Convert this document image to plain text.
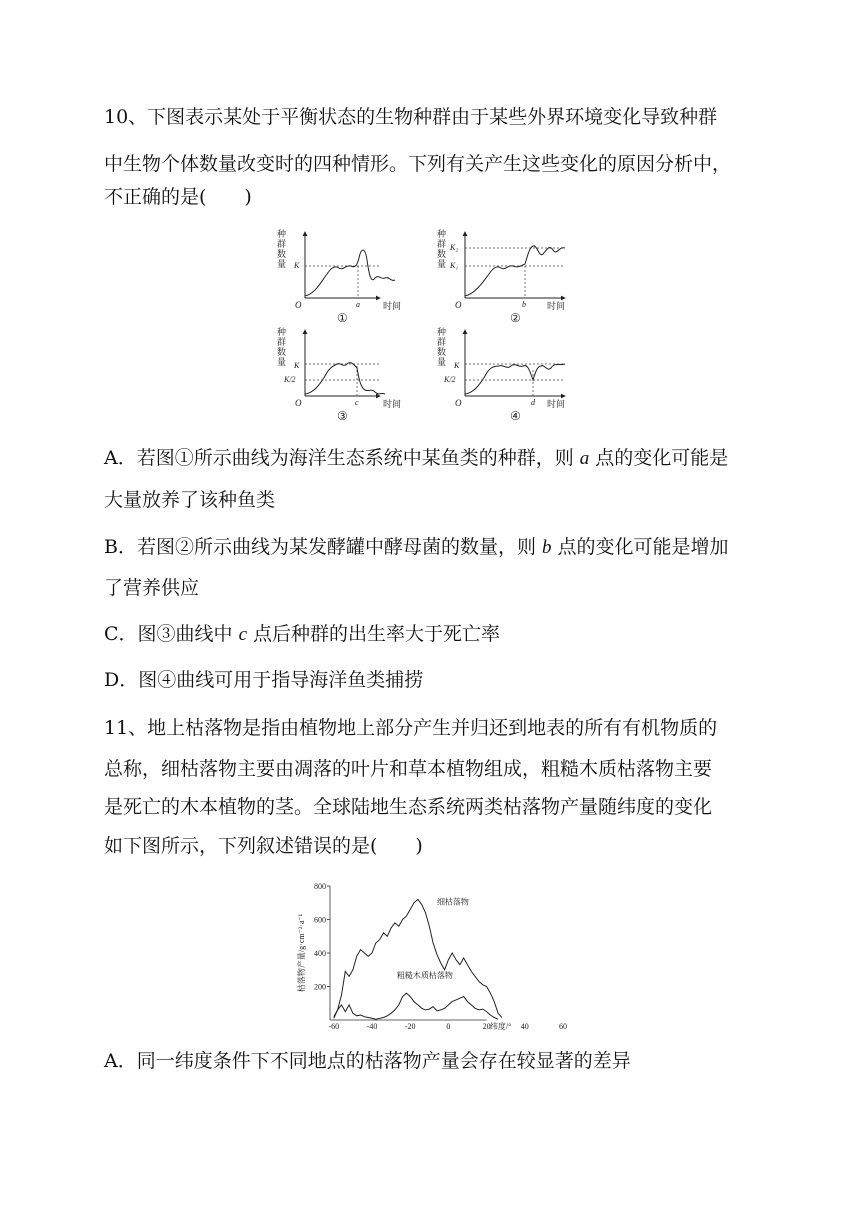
10、下图表示某处于平衡状态的生物种群由于某些外界环境变化导致种群
中生物个体数量改变时的四种情形。下列有关产生这些变化的原因分析中，
不正确的是(　　)
种
群
数
量
O
K
a	时间
①
种
群
数
量
O
K₂
K₁
b 时间
②
种
群
数
量
O
K
K/2
c	时间
③
种
群
数
量
O
K
K/2
d 时间
④
A．若图①所示曲线为海洋生态系统中某鱼类的种群，则 a 点的变化可能是
大量放养了该种鱼类
B．若图②所示曲线为某发酵罐中酵母菌的数量，则 b 点的变化可能是增加
了营养供应
C．图③曲线中 c 点后种群的出生率大于死亡率
D．图④曲线可用于指导海洋鱼类捕捞
11、地上枯落物是指由植物地上部分产生并归还到地表的所有有机物质的
总称，细枯落物主要由凋落的叶片和草本植物组成，粗糙木质枯落物主要
是死亡的木本植物的茎。全球陆地生态系统两类枯落物产量随纬度的变化
如下图所示，下列叙述错误的是(　　)
200
400
600
800
-60	-40	-20	0	20	40	60
纬度/°
枯落物产量/g·cm⁻²·a⁻¹
细枯落物
粗糙木质枯落物
A．同一纬度条件下不同地点的枯落物产量会存在较显著的差异
